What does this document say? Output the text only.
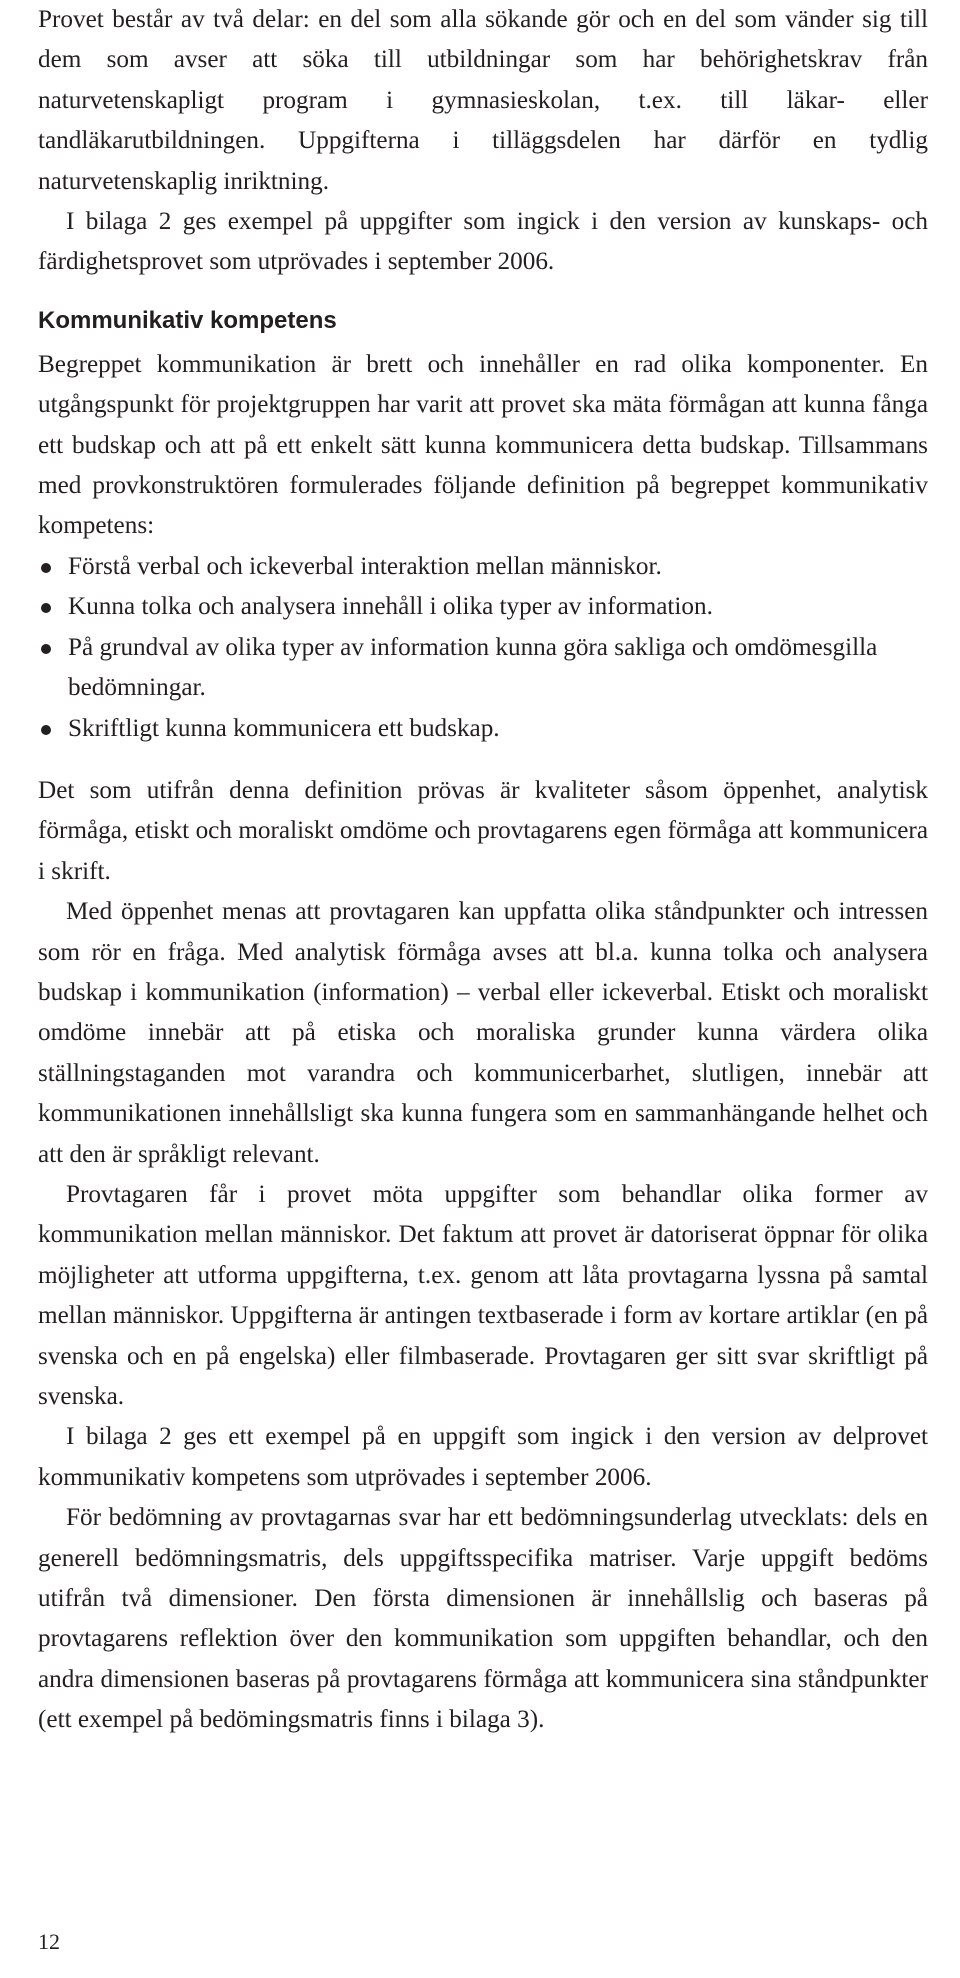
Provet består av två delar: en del som alla sökande gör och en del som vänder sig till dem som avser att söka till utbildningar som har behörighetskrav från naturvetenskapligt program i gymnasieskolan, t.ex. till läkar- eller tandläkarutbildningen. Uppgifterna i tilläggsdelen har därför en tydlig naturvetenskaplig inriktning.

I bilaga 2 ges exempel på uppgifter som ingick i den version av kunskaps- och färdighetsprovet som utprövades i september 2006.

Kommunikativ kompetens

Begreppet kommunikation är brett och innehåller en rad olika komponenter. En utgångspunkt för projektgruppen har varit att provet ska mäta förmågan att kunna fånga ett budskap och att på ett enkelt sätt kunna kommunicera detta budskap. Tillsammans med provkonstruktören formulerades följande definition på begreppet kommunikativ kompetens:

Förstå verbal och ickeverbal interaktion mellan människor.
Kunna tolka och analysera innehåll i olika typer av information.
På grundval av olika typer av information kunna göra sakliga och omdömesgilla bedömningar.
Skriftligt kunna kommunicera ett budskap.

Det som utifrån denna definition prövas är kvaliteter såsom öppenhet, analytisk förmåga, etiskt och moraliskt omdöme och provtagarens egen förmåga att kommunicera i skrift.

Med öppenhet menas att provtagaren kan uppfatta olika ståndpunkter och intressen som rör en fråga. Med analytisk förmåga avses att bl.a. kunna tolka och analysera budskap i kommunikation (information) – verbal eller ickeverbal. Etiskt och moraliskt omdöme innebär att på etiska och moraliska grunder kunna värdera olika ställningstaganden mot varandra och kommunicerbarhet, slutligen, innebär att kommunikationen innehållsligt ska kunna fungera som en sammanhängande helhet och att den är språkligt relevant.

Provtagaren får i provet möta uppgifter som behandlar olika former av kommunikation mellan människor. Det faktum att provet är datoriserat öppnar för olika möjligheter att utforma uppgifterna, t.ex. genom att låta provtagarna lyssna på samtal mellan människor. Uppgifterna är antingen textbaserade i form av kortare artiklar (en på svenska och en på engelska) eller filmbaserade. Provtagaren ger sitt svar skriftligt på svenska.

I bilaga 2 ges ett exempel på en uppgift som ingick i den version av delprovet kommunikativ kompetens som utprövades i september 2006.

För bedömning av provtagarnas svar har ett bedömningsunderlag utvecklats: dels en generell bedömningsmatris, dels uppgiftsspecifika matriser. Varje uppgift bedöms utifrån två dimensioner. Den första dimensionen är innehållslig och baseras på provtagarens reflektion över den kommunikation som uppgiften behandlar, och den andra dimensionen baseras på provtagarens förmåga att kommunicera sina ståndpunkter (ett exempel på bedömingsmatris finns i bilaga 3).

12
